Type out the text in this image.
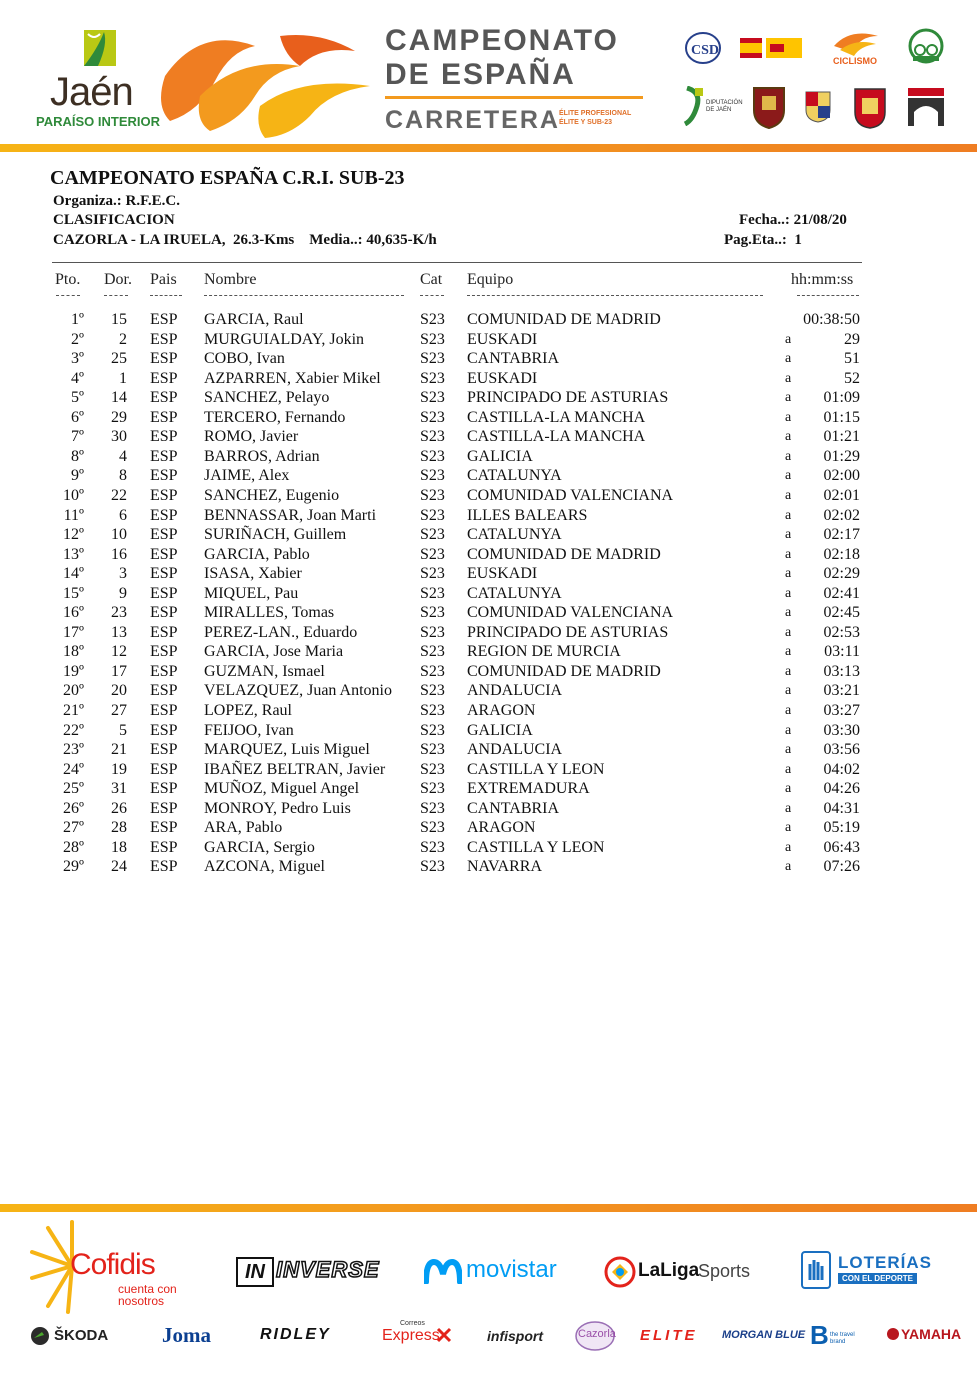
Jaén
PARAÍSO INTERIOR
CAMPEONATO
DE ESPAÑA
CARRETERA ÉLITE PROFESIONAL
ÉLITE Y SUB-23
CSD
CICLISMO
DIPUTACIÓN DE JAÉN
CAMPEONATO ESPAÑA C.R.I. SUB-23
Organiza.: R.F.E.C.
CLASIFICACION
CAZORLA - LA IRUELA,  26.3-Kms    Media..: 40,635-K/h
Fecha..: 21/08/20
Pag.Eta..:  1
Pto. Dor. Pais Nombre	Cat Equipo	hh:mm:ss
1º	15 ESP GARCIA, Raul	S23 COMUNIDAD DE MADRID	00:38:50
2º	2 ESP MURGUIALDAY, Jokin	S23 EUSKADI	a	29
3º	25 ESP COBO, Ivan	S23 CANTABRIA	a	51
4º	1 ESP AZPARREN, Xabier Mikel S23 EUSKADI	a	52
5º	14 ESP SANCHEZ, Pelayo	S23 PRINCIPADO DE ASTURIAS	a	01:09
6º	29 ESP TERCERO, Fernando	S23 CASTILLA-LA MANCHA	a	01:15
7º	30 ESP ROMO, Javier	S23 CASTILLA-LA MANCHA	a	01:21
8º	4 ESP BARROS, Adrian	S23 GALICIA	a	01:29
9º	8 ESP JAIME, Alex	S23 CATALUNYA	a	02:00
10º	22 ESP SANCHEZ, Eugenio	S23 COMUNIDAD VALENCIANA	a	02:01
11º	6 ESP BENNASSAR, Joan Marti	S23 ILLES BALEARS	a	02:02
12º	10 ESP SURIÑACH, Guillem	S23 CATALUNYA	a	02:17
13º	16 ESP GARCIA, Pablo	S23 COMUNIDAD DE MADRID	a	02:18
14º	3 ESP ISASA, Xabier	S23 EUSKADI	a	02:29
15º	9 ESP MIQUEL, Pau	S23 CATALUNYA	a	02:41
16º	23 ESP MIRALLES, Tomas	S23 COMUNIDAD VALENCIANA	a	02:45
17º	13 ESP PEREZ-LAN., Eduardo	S23 PRINCIPADO DE ASTURIAS	a	02:53
18º	12 ESP GARCIA, Jose Maria	S23 REGION DE MURCIA	a	03:11
19º	17 ESP GUZMAN, Ismael	S23 COMUNIDAD DE MADRID	a	03:13
20º	20 ESP VELAZQUEZ, Juan Antonio S23 ANDALUCIA	a	03:21
21º	27 ESP LOPEZ, Raul	S23 ARAGON	a	03:27
22º	5 ESP FEIJOO, Ivan	S23 GALICIA	a	03:30
23º	21 ESP MARQUEZ, Luis Miguel	S23 ANDALUCIA	a	03:56
24º	19 ESP IBAÑEZ BELTRAN, Javier S23 CASTILLA Y LEON	a	04:02
25º	31 ESP MUÑOZ, Miguel Angel	S23 EXTREMADURA	a	04:26
26º	26 ESP MONROY, Pedro Luis	S23 CANTABRIA	a	04:31
27º	28 ESP ARA, Pablo	S23 ARAGON	a	05:19
28º	18 ESP GARCIA, Sergio	S23 CASTILLA Y LEON	a	06:43
29º	24 ESP AZCONA, Miguel	S23 NAVARRA	a	07:26
Cofidis
cuenta con
nosotros
IN INVERSE	movistar	LaLiga
Sports	LOTERÍAS
CON EL DEPORTE
ŠKODA	Joma	RIDLEY
Correos
Express	infisport	Cazorla ELITE MORGAN BLUE B the travel brand	YAMAHA
